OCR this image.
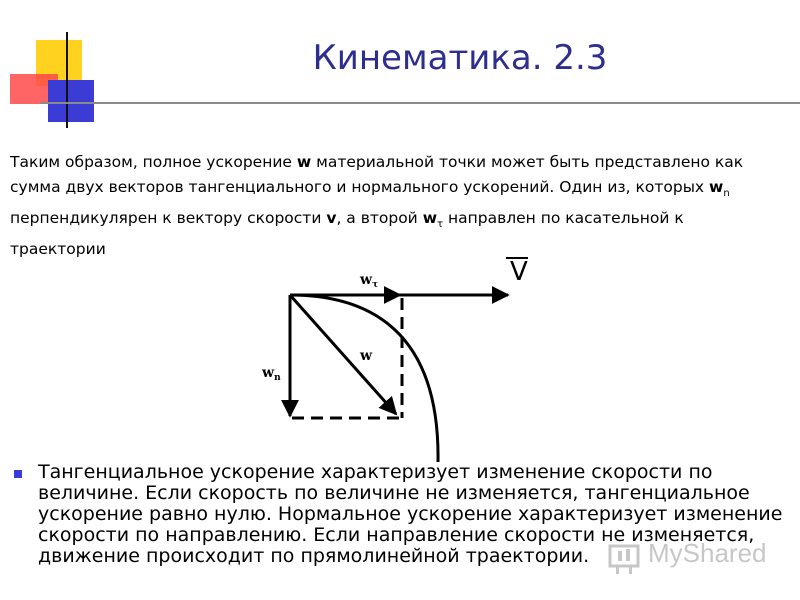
Кинематика. 2.3
Таким образом, полное ускорение w материальной точки может быть представлено как сумма двух векторов тангенциального и нормального ускорений. Один из, которых $w_n$ перпендикулярен к вектору скорости v, а второй $w_\tau$ направлен по касательной к траектории
V
$w_\tau$
w
$w_n$
Тангенциальное ускорение характеризует изменение скорости по величине. Если скорость по величине не изменяется, тангенциальное ускорение равно нулю. Нормальное ускорение характеризует изменение скорости по направлению. Если направление скорости не изменяется, движение происходит по прямолинейной траектории.	MyShared
